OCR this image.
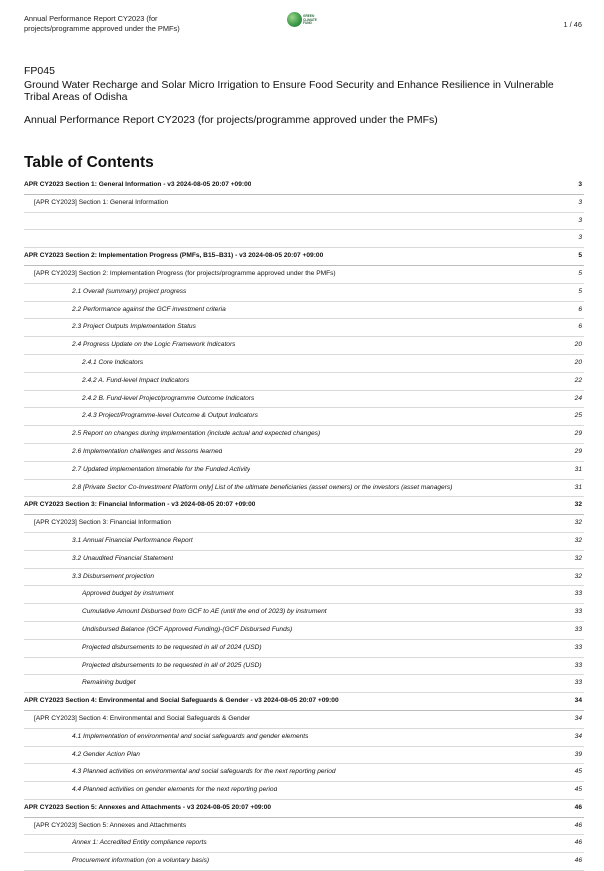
Annual Performance Report CY2023 (for projects/programme approved under the PMFs)
GREEN CLIMATE FUND	1 / 46
FP045
Ground Water Recharge and Solar Micro Irrigation to Ensure Food Security and Enhance Resilience in Vulnerable Tribal Areas of Odisha
Annual Performance Report CY2023 (for projects/programme approved under the PMFs)
Table of Contents
APR CY2023 Section 1: General Information - v3 2024-08-05 20:07 +09:00	3
[APR CY2023] Section 1: General Information	3
3
3
APR CY2023 Section 2: Implementation Progress (PMFs, B15–B31) - v3 2024-08-05 20:07 +09:00	5
[APR CY2023] Section 2: Implementation Progress (for projects/programme approved under the PMFs)	5
2.1 Overall (summary) project progress	5
2.2 Performance against the GCF investment criteria	6
2.3 Project Outputs Implementation Status	6
2.4 Progress Update on the Logic Framework Indicators	20
2.4.1 Core Indicators	20
2.4.2 A. Fund-level Impact Indicators	22
2.4.2 B. Fund-level Project/programme Outcome Indicators	24
2.4.3 Project/Programme-level Outcome & Output Indicators	25
2.5 Report on changes during implementation (include actual and expected changes)	29
2.6 Implementation challenges and lessons learned	29
2.7 Updated implementation timetable for the Funded Activity	31
2.8 [Private Sector Co-Investment Platform only] List of the ultimate beneficiaries (asset owners) or the investors (asset managers)	31
APR CY2023 Section 3: Financial Information - v3 2024-08-05 20:07 +09:00	32
[APR CY2023] Section 3: Financial Information	32
3.1 Annual Financial Performance Report	32
3.2 Unaudited Financial Statement	32
3.3 Disbursement projection	32
Approved budget by instrument	33
Cumulative Amount Disbursed from GCF to AE (until the end of 2023) by instrument	33
Undisbursed Balance (GCF Approved Funding)-(GCF Disbursed Funds)	33
Projected disbursements to be requested in all of 2024 (USD)	33
Projected disbursements to be requested in all of 2025 (USD)	33
Remaining budget	33
APR CY2023 Section 4: Environmental and Social Safeguards & Gender - v3 2024-08-05 20:07 +09:00	34
[APR CY2023] Section 4: Environmental and Social Safeguards & Gender	34
4.1 Implementation of environmental and social safeguards and gender elements	34
4.2 Gender Action Plan	39
4.3 Planned activities on environmental and social safeguards for the next reporting period	45
4.4 Planned activities on gender elements for the next reporting period	45
APR CY2023 Section 5: Annexes and Attachments - v3 2024-08-05 20:07 +09:00	46
[APR CY2023] Section 5: Annexes and Attachments	46
Annex 1: Accredited Entity compliance reports	46
Procurement information (on a voluntary basis)	46
